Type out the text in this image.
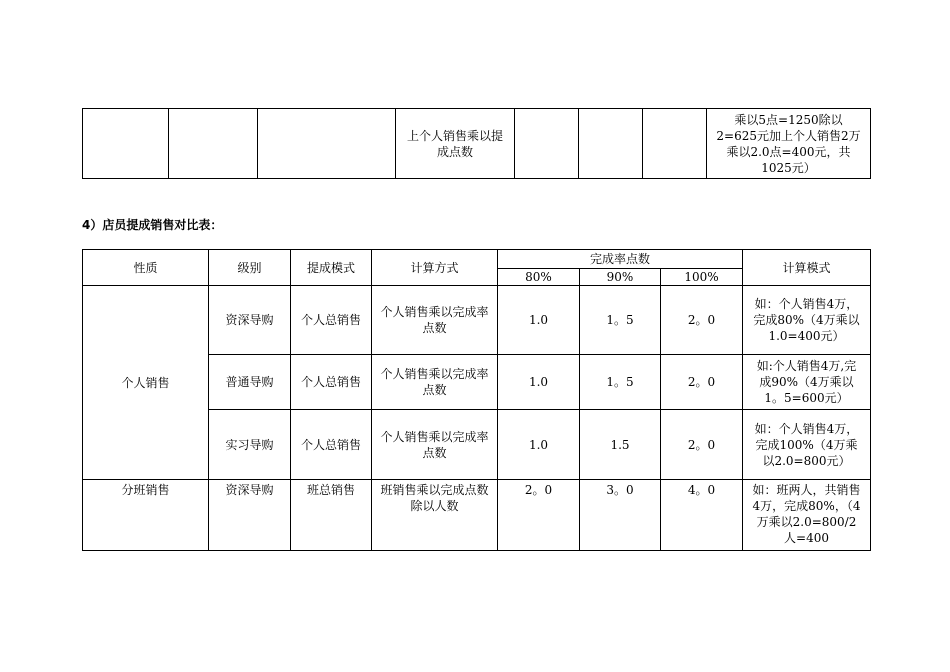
			上个人销售乘以提成点数				乘以5点=1250除以2=625元加上个人销售2万乘以2.0点=400元，共1025元）
4）店员提成销售对比表：
性质	级别	提成模式	计算方式	完成率点数			计算模式
				80%	90%	100%	
个人销售	资深导购	个人总销售	个人销售乘以完成率点数	1.0	1。5	2。0	如：个人销售4万，完成80%（4万乘以1.0=400元）
	普通导购	个人总销售	个人销售乘以完成率点数	1.0	1。5	2。0	如:个人销售4万,完成90%（4万乘以1。5=600元）
	实习导购	个人总销售	个人销售乘以完成率点数	1.0	1.5	2。0	如：个人销售4万，完成100%（4万乘以2.0=800元）
分班销售	资深导购	班总销售	班销售乘以完成点数除以人数	2。0	3。0	4。0	如：班两人，共销售4万，完成80%，（4万乘以2.0=800/2人=400
